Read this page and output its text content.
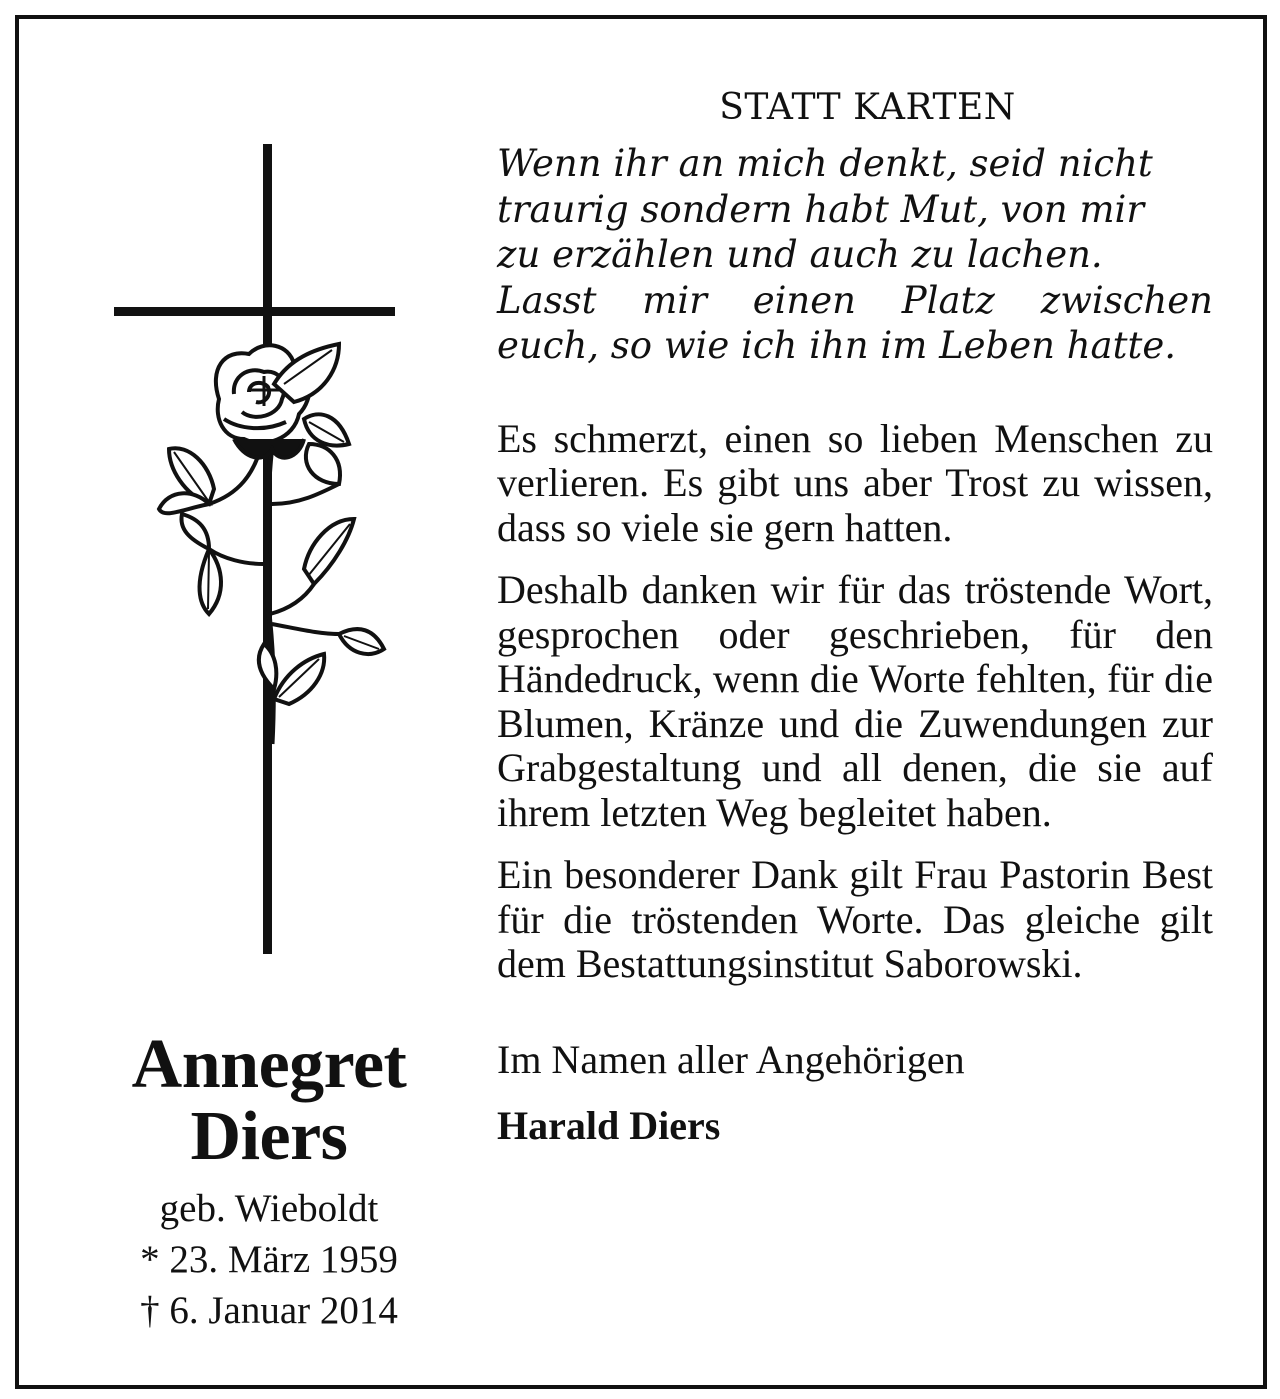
STATT KARTEN
Wenn ihr an mich denkt, seid nicht
traurig sondern habt Mut, von mir
zu erzählen und auch zu lachen.
Lasst mir einen Platz zwischen
euch, so wie ich ihn im Leben hatte.
Es schmerzt, einen so lieben Menschen zu verlieren. Es gibt uns aber Trost zu wissen, dass so viele sie gern hatten.
Deshalb danken wir für das tröstende Wort, gesprochen oder geschrieben, für den Händedruck, wenn die Worte fehlten, für die Blumen, Kränze und die Zuwendungen zur Grabgestaltung und all denen, die sie auf ihrem letzten Weg begleitet haben.
Ein besonderer Dank gilt Frau Pastorin Best für die tröstenden Worte. Das gleiche gilt dem Bestattungsinstitut Saborowski.
Im Namen aller Angehörigen
Harald Diers
Annegret
Diers
geb. Wieboldt
* 23. März 1959
† 6. Januar 2014
